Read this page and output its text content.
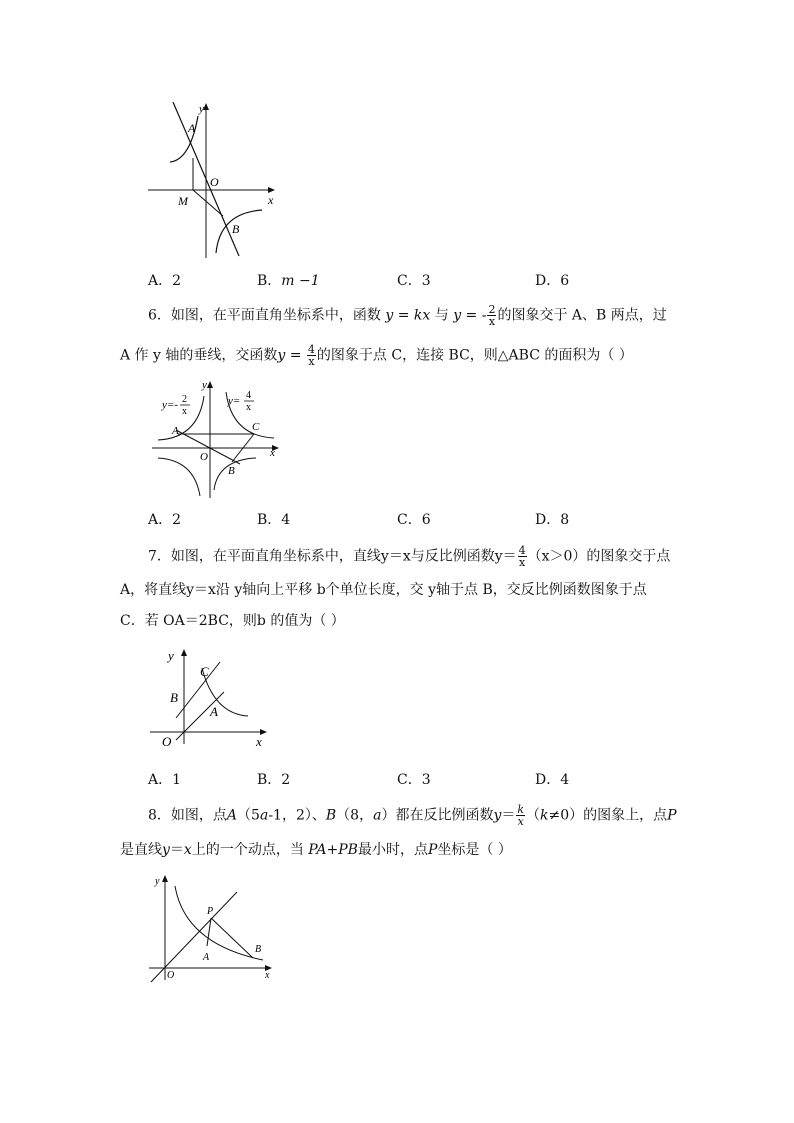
A
O
M
B
x
y
A．2	B．m −1	C．3	D．6
6．如图，在平面直角坐标系中，函数 y = kx 与 y = - $\frac{2}{x}$ 的图象交于 A、B 两点，过
A 作 y 轴的垂线，交函数$y = \frac{4}{x}$ 的图象于点 C，连接 BC，则△ABC 的面积为（ ）
y=- 2
x
y= 4
x
A	C
O
B
x
y
A．2	B．4	C．6	D．8
7．如图，在平面直角坐标系中，直线y＝x与反比例函数$y= \frac{4}{x} (x>0)$的图象交于点
A，将直线y＝x沿 y轴向上平移 b个单位长度，交 y轴于点 B，交反比例函数图象于点
C．若 OA＝2BC，则b 的值为（ ）
y
C
B
A
O	x
A．1	B．2	C．3	D．4
8．如图，点A（5a-1，2）、B（8，a）都在反比例函数$y= \frac{k}{x} (k\ne 0)$的图象上，点P
是直线y＝x上的一个动点，当 PA+PB最小时，点P坐标是（ ）
y
P
A
B
O	x
